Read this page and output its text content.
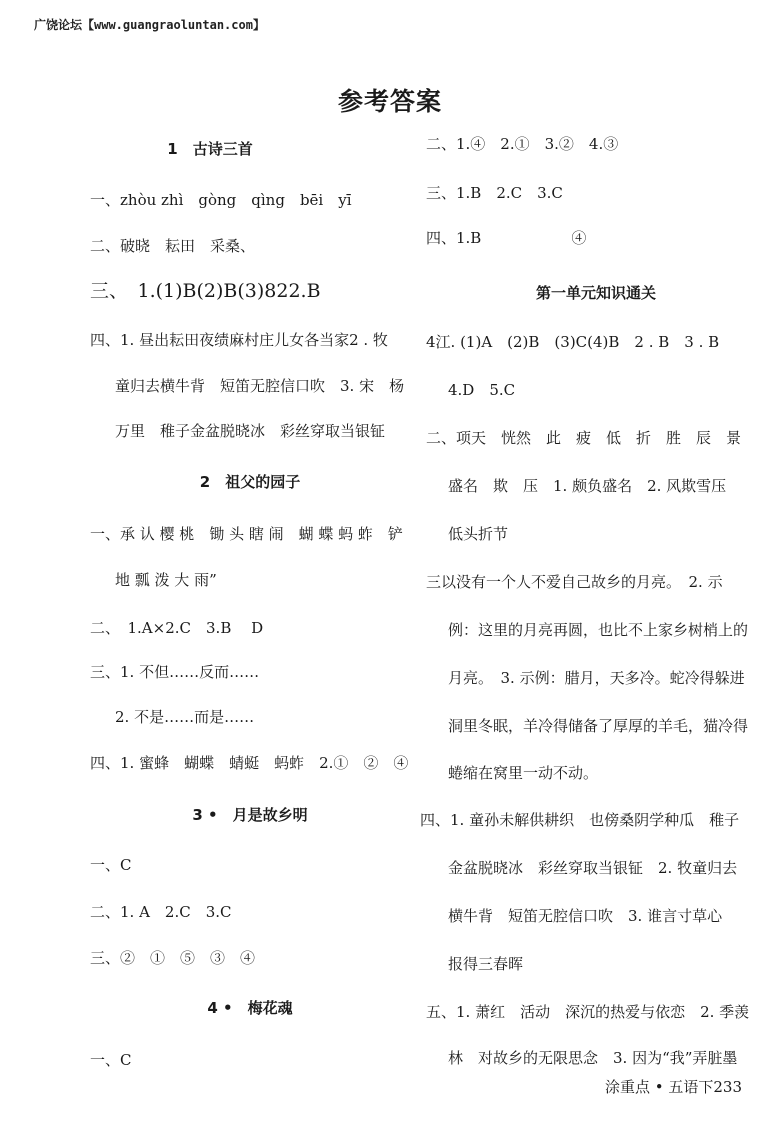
广饶论坛【www.guangraoluntan.com】
参考答案
1　古诗三首
一、zhòu zhì　gòng　qìng　bēi　yī
二、破晓　耘田　采桑、
三、　1.(1)B(2)B(3)822.B
四、1. 昼出耘田夜绩麻村庄儿女各当家2 . 牧
童归去横牛背　短笛无腔信口吹　3. 宋　杨
万里　稚子金盆脱晓冰　彩丝穿取当银钲
2　祖父的园子
一、承 认 樱 桃　锄 头 瞎 闹　蝴 蝶 蚂 蚱　铲
地 瓢 泼 大 雨”
二、　1.A×2.C　3.B　 D
三、1. 不但……反而……
2. 不是……而是……
四、1. 蜜蜂　蝴蝶　蜻蜓　蚂蚱　2.①　②　④
3 •　月是故乡明
一、C
二、1. A　2.C　3.C
三、②　①　⑤　③　④
4 •　梅花魂
一、C
二、1.④　2.①　3.②　4.③
三、1.B　2.C　3.C
四、1.B　　　　　　④
第一单元知识通关
4江. (1)A　(2)B　(3)C(4)B　2 . B　3 . B
4.D　5.C
二、项天　恍然　此　疲　低　折　胜　辰　景
盛名　欺　压　1. 颇负盛名　2. 风欺雪压
低头折节
三以没有一个人不爱自己故乡的月亮。　2. 示
例：这里的月亮再圆，也比不上家乡树梢上的
月亮。　3. 示例：腊月，天多冷。蛇冷得躲进
洞里冬眠，羊冷得储备了厚厚的羊毛，猫冷得
蜷缩在窝里一动不动。
四、1. 童孙未解供耕织　也傍桑阴学种瓜　稚子
金盆脱晓冰　彩丝穿取当银钲　2. 牧童归去
横牛背　短笛无腔信口吹　3. 谁言寸草心
报得三春晖
五、1. 萧红　活动　深沉的热爱与依恋　2. 季羡
林　对故乡的无限思念　3. 因为“我”弄脏墨
涂重点 • 五语下233
